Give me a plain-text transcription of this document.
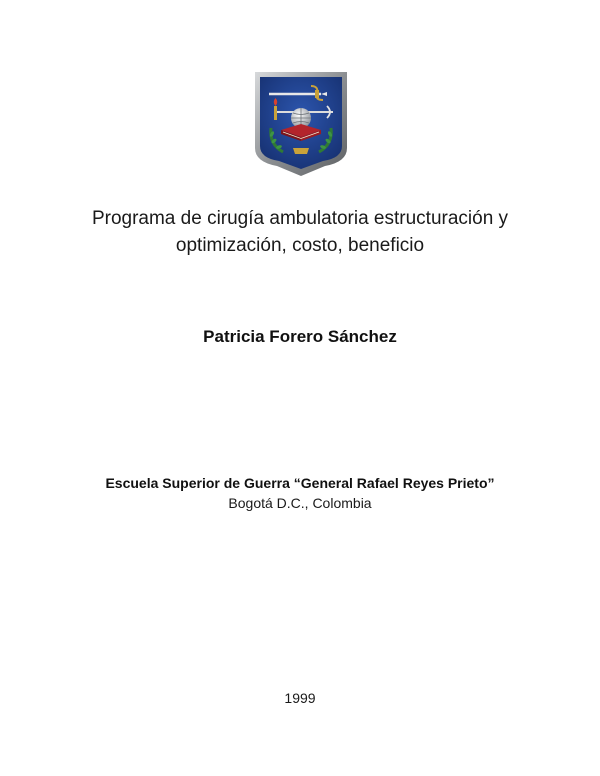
Programa de cirugía ambulatoria estructuración y
optimización, costo, beneficio

Patricia Forero Sánchez

Escuela Superior de Guerra “General Rafael Reyes Prieto”

Bogotá D.C., Colombia

1999
